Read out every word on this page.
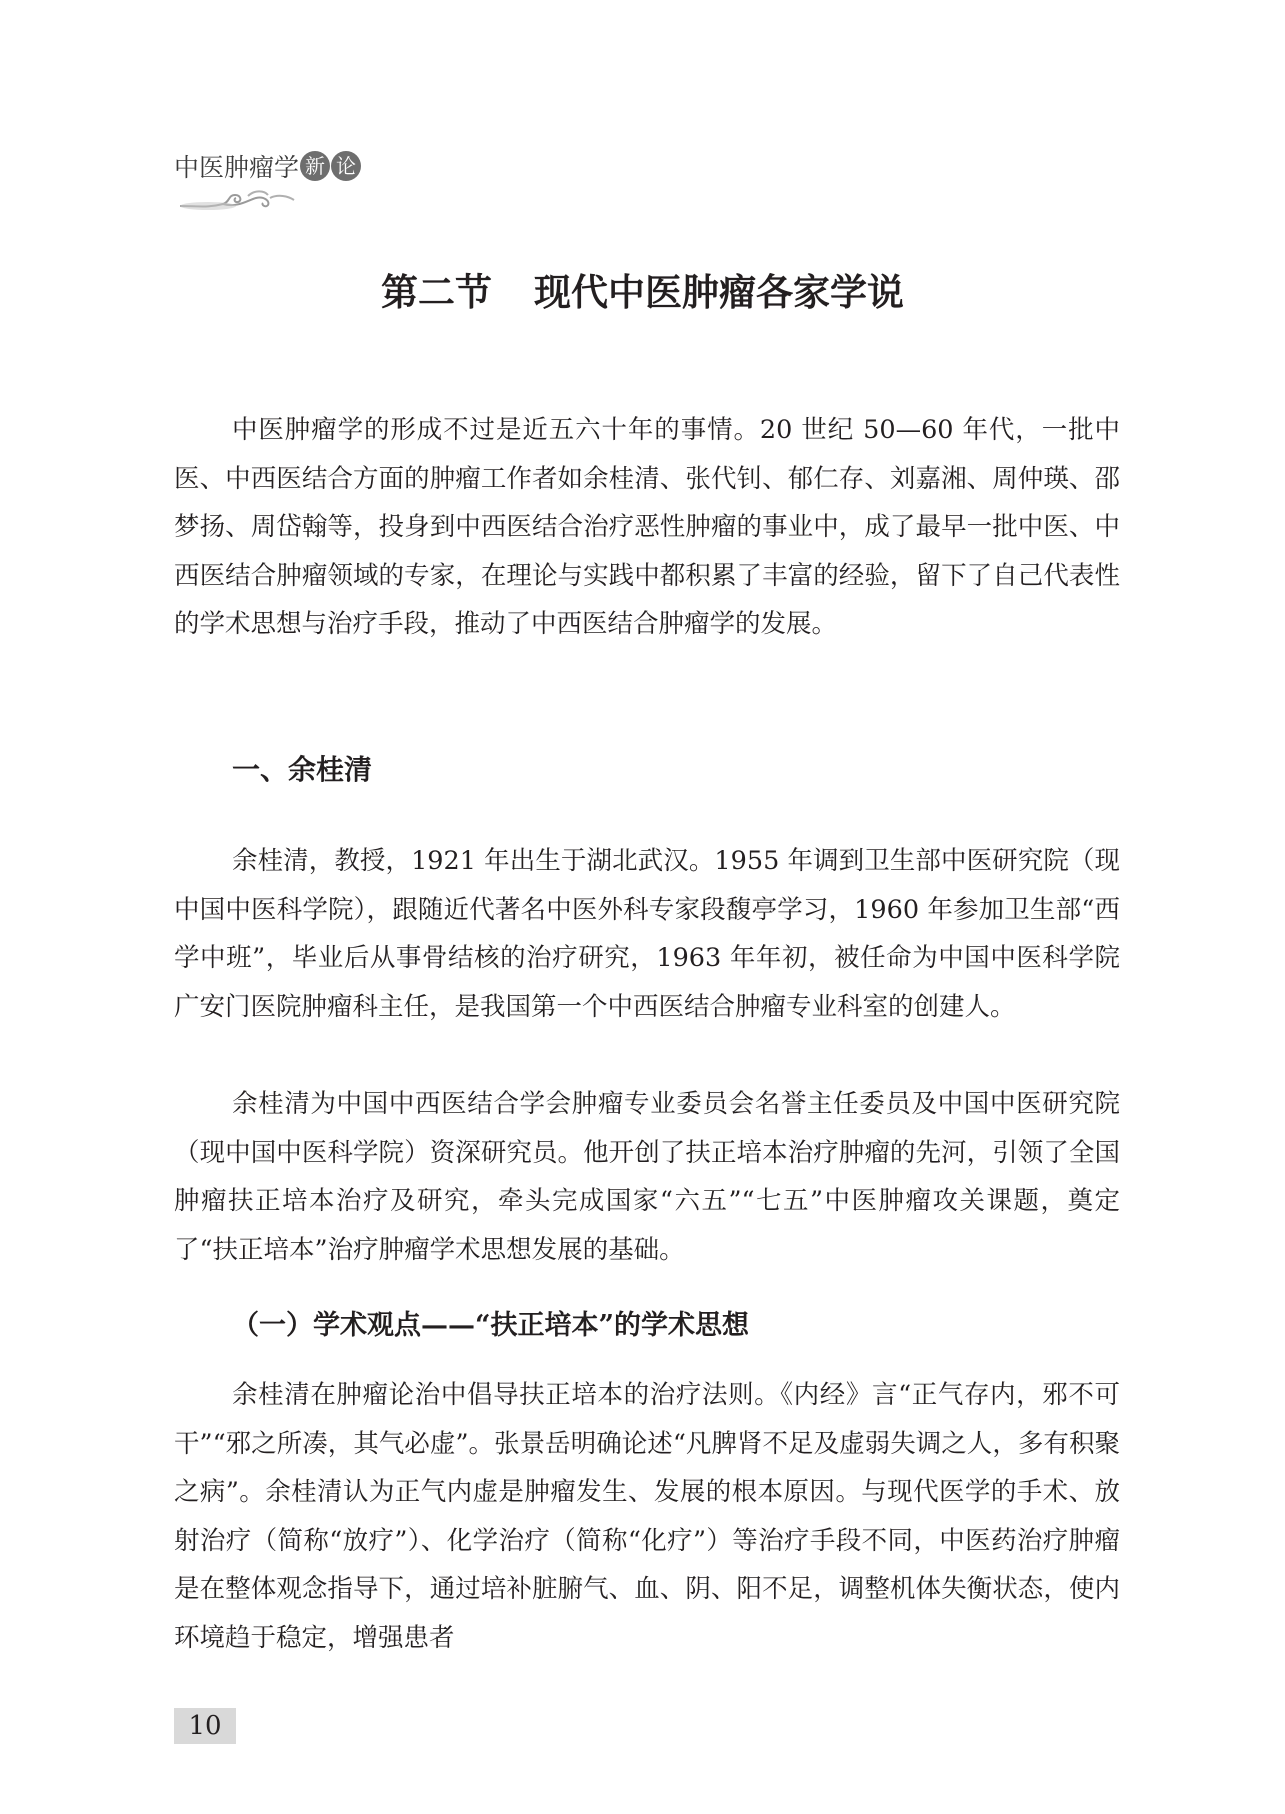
中医肿瘤学 新 论
第二节 现代中医肿瘤各家学说

中医肿瘤学的形成不过是近五六十年的事情。20 世纪 50—60 年代，一批中医、中西医结合方面的肿瘤工作者如余桂清、张代钊、郁仁存、刘嘉湘、周仲瑛、邵梦扬、周岱翰等，投身到中西医结合治疗恶性肿瘤的事业中，成了最早一批中医、中西医结合肿瘤领域的专家，在理论与实践中都积累了丰富的经验，留下了自己代表性的学术思想与治疗手段，推动了中西医结合肿瘤学的发展。

一、余桂清

余桂清，教授，1921 年出生于湖北武汉。1955 年调到卫生部中医研究院（现中国中医科学院），跟随近代著名中医外科专家段馥亭学习，1960 年参加卫生部“西学中班”，毕业后从事骨结核的治疗研究，1963 年年初，被任命为中国中医科学院广安门医院肿瘤科主任，是我国第一个中西医结合肿瘤专业科室的创建人。

余桂清为中国中西医结合学会肿瘤专业委员会名誉主任委员及中国中医研究院（现中国中医科学院）资深研究员。他开创了扶正培本治疗肿瘤的先河，引领了全国肿瘤扶正培本治疗及研究，牵头完成国家“六五”“七五”中医肿瘤攻关课题，奠定了“扶正培本”治疗肿瘤学术思想发展的基础。

（一）学术观点——“扶正培本”的学术思想

余桂清在肿瘤论治中倡导扶正培本的治疗法则。《内经》言“正气存内，邪不可干”“邪之所凑，其气必虚”。张景岳明确论述“凡脾肾不足及虚弱失调之人，多有积聚之病”。余桂清认为正气内虚是肿瘤发生、发展的根本原因。与现代医学的手术、放射治疗（简称“放疗”）、化学治疗（简称“化疗”）等治疗手段不同，中医药治疗肿瘤是在整体观念指导下，通过培补脏腑气、血、阴、阳不足，调整机体失衡状态，使内环境趋于稳定，增强患者

10
